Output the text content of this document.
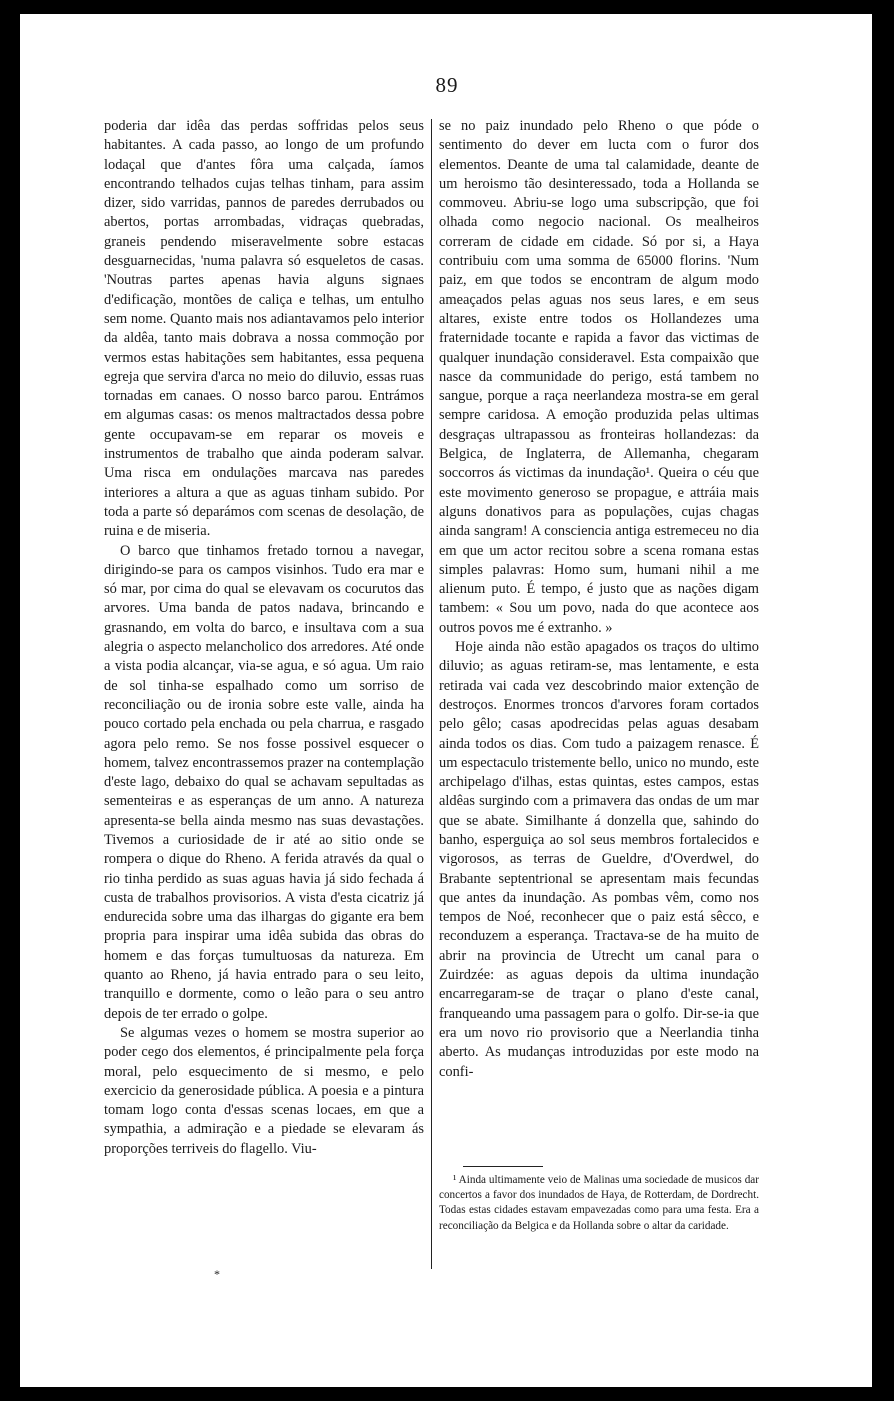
89

poderia dar idêa das perdas soffridas pelos seus habitantes. A cada passo, ao longo de um profundo lodaçal que d'antes fôra uma calçada, íamos encontrando telhados cujas telhas tinham, para assim dizer, sido varridas, pannos de paredes derrubados ou abertos, portas arrombadas, vidraças quebradas, graneis pendendo miseravelmente sobre estacas desguarnecidas, 'numa palavra só esqueletos de casas. 'Noutras partes apenas havia alguns signaes d'edificação, montões de caliça e telhas, um entulho sem nome. Quanto mais nos adiantavamos pelo interior da aldêa, tanto mais dobrava a nossa commoção por vermos estas habitações sem habitantes, essa pequena egreja que servira d'arca no meio do diluvio, essas ruas tornadas em canaes. O nosso barco parou. Entrámos em algumas casas: os menos maltractados dessa pobre gente occupavam-se em reparar os moveis e instrumentos de trabalho que ainda poderam salvar. Uma risca em ondulações marcava nas paredes interiores a altura a que as aguas tinham subido. Por toda a parte só deparámos com scenas de desolação, de ruina e de miseria.

O barco que tinhamos fretado tornou a navegar, dirigindo-se para os campos visinhos. Tudo era mar e só mar, por cima do qual se elevavam os cocurutos das arvores. Uma banda de patos nadava, brincando e grasnando, em volta do barco, e insultava com a sua alegria o aspecto melancholico dos arredores. Até onde a vista podia alcançar, via-se agua, e só agua. Um raio de sol tinha-se espalhado como um sorriso de reconciliação ou de ironia sobre este valle, ainda ha pouco cortado pela enchada ou pela charrua, e rasgado agora pelo remo. Se nos fosse possivel esquecer o homem, talvez encontrassemos prazer na contemplação d'este lago, debaixo do qual se achavam sepultadas as sementeiras e as esperanças de um anno. A natureza apresenta-se bella ainda mesmo nas suas devastações. Tivemos a curiosidade de ir até ao sitio onde se rompera o dique do Rheno. A ferida através da qual o rio tinha perdido as suas aguas havia já sido fechada á custa de trabalhos provisorios. A vista d'esta cicatriz já endurecida sobre uma das ilhargas do gigante era bem propria para inspirar uma idêa subida das obras do homem e das forças tumultuosas da natureza. Em quanto ao Rheno, já havia entrado para o seu leito, tranquillo e dormente, como o leão para o seu antro depois de ter errado o golpe.

Se algumas vezes o homem se mostra superior ao poder cego dos elementos, é principalmente pela força moral, pelo esquecimento de si mesmo, e pelo exercicio da generosidade pública. A poesia e a pintura tomam logo conta d'essas scenas locaes, em que a sympathia, a admiração e a piedade se elevaram ás proporções terriveis do flagello. Viu-

se no paiz inundado pelo Rheno o que póde o sentimento do dever em lucta com o furor dos elementos. Deante de uma tal calamidade, deante de um heroismo tão desinteressado, toda a Hollanda se commoveu. Abriu-se logo uma subscripção, que foi olhada como negocio nacional. Os mealheiros correram de cidade em cidade. Só por si, a Haya contribuiu com uma somma de 65000 florins. 'Num paiz, em que todos se encontram de algum modo ameaçados pelas aguas nos seus lares, e em seus altares, existe entre todos os Hollandezes uma fraternidade tocante e rapida a favor das victimas de qualquer inundação consideravel. Esta compaixão que nasce da communidade do perigo, está tambem no sangue, porque a raça neerlandeza mostra-se em geral sempre caridosa. A emoção produzida pelas ultimas desgraças ultrapassou as fronteiras hollandezas: da Belgica, de Inglaterra, de Allemanha, chegaram soccorros ás victimas da inundação¹. Queira o céu que este movimento generoso se propague, e attráia mais alguns donativos para as populações, cujas chagas ainda sangram! A consciencia antiga estremeceu no dia em que um actor recitou sobre a scena romana estas simples palavras: Homo sum, humani nihil a me alienum puto. É tempo, é justo que as nações digam tambem: « Sou um povo, nada do que acontece aos outros povos me é extranho. »

Hoje ainda não estão apagados os traços do ultimo diluvio; as aguas retiram-se, mas lentamente, e esta retirada vai cada vez descobrindo maior extenção de destroços. Enormes troncos d'arvores foram cortados pelo gêlo; casas apodrecidas pelas aguas desabam ainda todos os dias. Com tudo a paizagem renasce. É um espectaculo tristemente bello, unico no mundo, este archipelago d'ilhas, estas quintas, estes campos, estas aldêas surgindo com a primavera das ondas de um mar que se abate. Similhante á donzella que, sahindo do banho, esperguiça ao sol seus membros fortalecidos e vigorosos, as terras de Gueldre, d'Overdwel, do Brabante septentrional se apresentam mais fecundas que antes da inundação. As pombas vêm, como nos tempos de Noé, reconhecer que o paiz está sêcco, e reconduzem a esperança. Tractava-se de ha muito de abrir na provincia de Utrecht um canal para o Zuirdzée: as aguas depois da ultima inundação encarregaram-se de traçar o plano d'este canal, franqueando uma passagem para o golfo. Dir-se-ia que era um novo rio provisorio que a Neerlandia tinha aberto. As mudanças introduzidas por este modo na confi-

¹ Ainda ultimamente veio de Malinas uma sociedade de musicos dar concertos a favor dos inundados de Haya, de Rotterdam, de Dordrecht. Todas estas cidades estavam empavezadas como para uma festa. Era a reconciliação da Belgica e da Hollanda sobre o altar da caridade.

*
